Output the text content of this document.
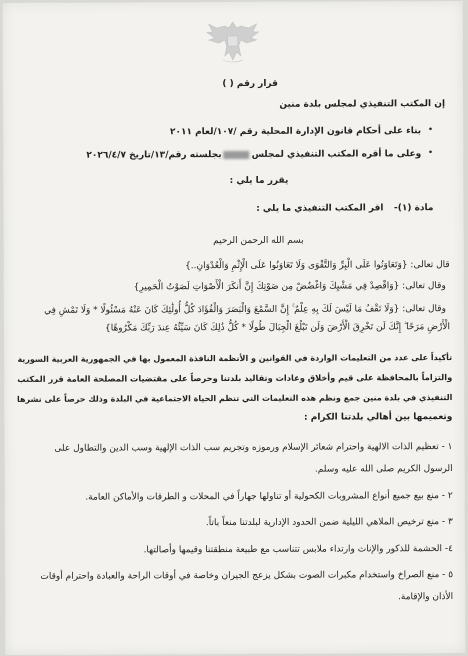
قرار رقم ( )
إن المكتب التنفيذي لمجلس بلدة منين
•
بناء على أحكام قانون الإدارة المحلية رقم /١٠٧/لعام ٢٠١١
•
وعلى ما أقره المكتب التنفيذي لمجلسبجلسته رقم/١٣/تاريخ ٢٠٢٦/٤/٧
يقرر ما يلي :
مادة (١)-
اقر المكتب التنفيذي ما يلي :
بسم الله الرحمن الرحيم
قال تعالى: {وَتَعَاوَنُوا عَلَى الْبِرِّ وَالتَّقْوَى وَلَا تَعَاوَنُوا عَلَى الْإِثْمِ وَالْعُدْوَانِ..}
وقال تعالى: {وَاقْصِدْ فِي مَشْيِكَ وَاغْضُضْ مِن صَوْتِكَ إِنَّ أَنكَرَ الْأَصْوَاتِ لَصَوْتُ الْحَمِيرِ}
وقال تعالى: {وَلَا تَقْفُ مَا لَيْسَ لَكَ بِهِ عِلْمٌ ۚ إِنَّ السَّمْعَ وَالْبَصَرَ وَالْفُؤَادَ كُلُّ أُولَٰئِكَ كَانَ عَنْهُ مَسْئُولًا * وَلَا تَمْشِ فِي
الْأَرْضِ مَرَحًا ۖ إِنَّكَ لَن تَخْرِقَ الْأَرْضَ وَلَن تَبْلُغَ الْجِبَالَ طُولًا * كُلُّ ذَٰلِكَ كَانَ سَيِّئُهُ عِندَ رَبِّكَ مَكْرُوهًا}
تأكيداً على عدد من التعليمات الواردة في القوانين و الأنظمة النافذة المعمول بها في الجمهورية العربية السورية
والتزاماً بالمحافظة على قيم وأخلاق وعادات وتقاليد بلدتنا وحرصاً على مقتضيات المصلحة العامة قرر المكتب
التنفيذي في بلدة منين جمع ونظم هذه التعليمات التي تنظم الحياة الاجتماعية في البلدة وذلك حرصاً على نشرها
وتعميمها بين أهالي بلدتنا الكرام :
١ - تعظيم الذات الالهية واحترام شعائر الإسلام ورموزه وتجريم سب الذات الإلهية وسب الدين والتطاول على
الرسول الكريم صلى الله عليه وسلم.
٢ - منع بيع جميع أنواع المشروبات الكحولية أو تناولها جهاراً في المحلات و الطرقات والأماكن العامة.
٣ - منع ترخيص الملاهي الليلية ضمن الحدود الإدارية لبلدتنا منعاً باتاً.
٤- الحشمة للذكور والإناث وارتداء ملابس تتناسب مع طبيعة منطقتنا وقيمها وأصالتها.
٥ - منع الصراخ واستخدام مكبرات الصوت بشكل يزعج الجيران وخاصة في أوقات الراحة والعبادة واحترام أوقات
الأذان والإقامة.
